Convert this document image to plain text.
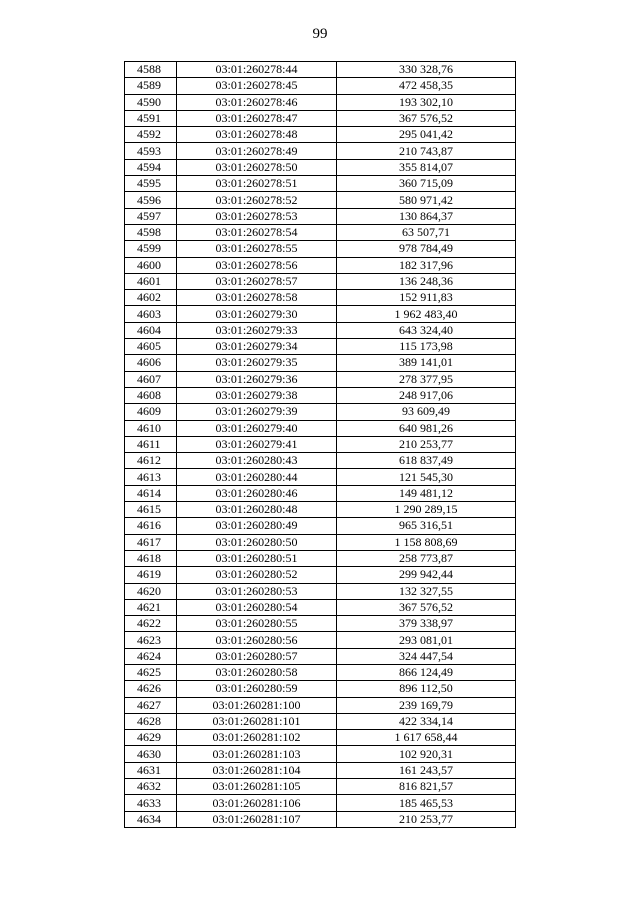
99
4588	03:01:260278:44	330 328,76
4589	03:01:260278:45	472 458,35
4590	03:01:260278:46	193 302,10
4591	03:01:260278:47	367 576,52
4592	03:01:260278:48	295 041,42
4593	03:01:260278:49	210 743,87
4594	03:01:260278:50	355 814,07
4595	03:01:260278:51	360 715,09
4596	03:01:260278:52	580 971,42
4597	03:01:260278:53	130 864,37
4598	03:01:260278:54	63 507,71
4599	03:01:260278:55	978 784,49
4600	03:01:260278:56	182 317,96
4601	03:01:260278:57	136 248,36
4602	03:01:260278:58	152 911,83
4603	03:01:260279:30	1 962 483,40
4604	03:01:260279:33	643 324,40
4605	03:01:260279:34	115 173,98
4606	03:01:260279:35	389 141,01
4607	03:01:260279:36	278 377,95
4608	03:01:260279:38	248 917,06
4609	03:01:260279:39	93 609,49
4610	03:01:260279:40	640 981,26
4611	03:01:260279:41	210 253,77
4612	03:01:260280:43	618 837,49
4613	03:01:260280:44	121 545,30
4614	03:01:260280:46	149 481,12
4615	03:01:260280:48	1 290 289,15
4616	03:01:260280:49	965 316,51
4617	03:01:260280:50	1 158 808,69
4618	03:01:260280:51	258 773,87
4619	03:01:260280:52	299 942,44
4620	03:01:260280:53	132 327,55
4621	03:01:260280:54	367 576,52
4622	03:01:260280:55	379 338,97
4623	03:01:260280:56	293 081,01
4624	03:01:260280:57	324 447,54
4625	03:01:260280:58	866 124,49
4626	03:01:260280:59	896 112,50
4627	03:01:260281:100	239 169,79
4628	03:01:260281:101	422 334,14
4629	03:01:260281:102	1 617 658,44
4630	03:01:260281:103	102 920,31
4631	03:01:260281:104	161 243,57
4632	03:01:260281:105	816 821,57
4633	03:01:260281:106	185 465,53
4634	03:01:260281:107	210 253,77
